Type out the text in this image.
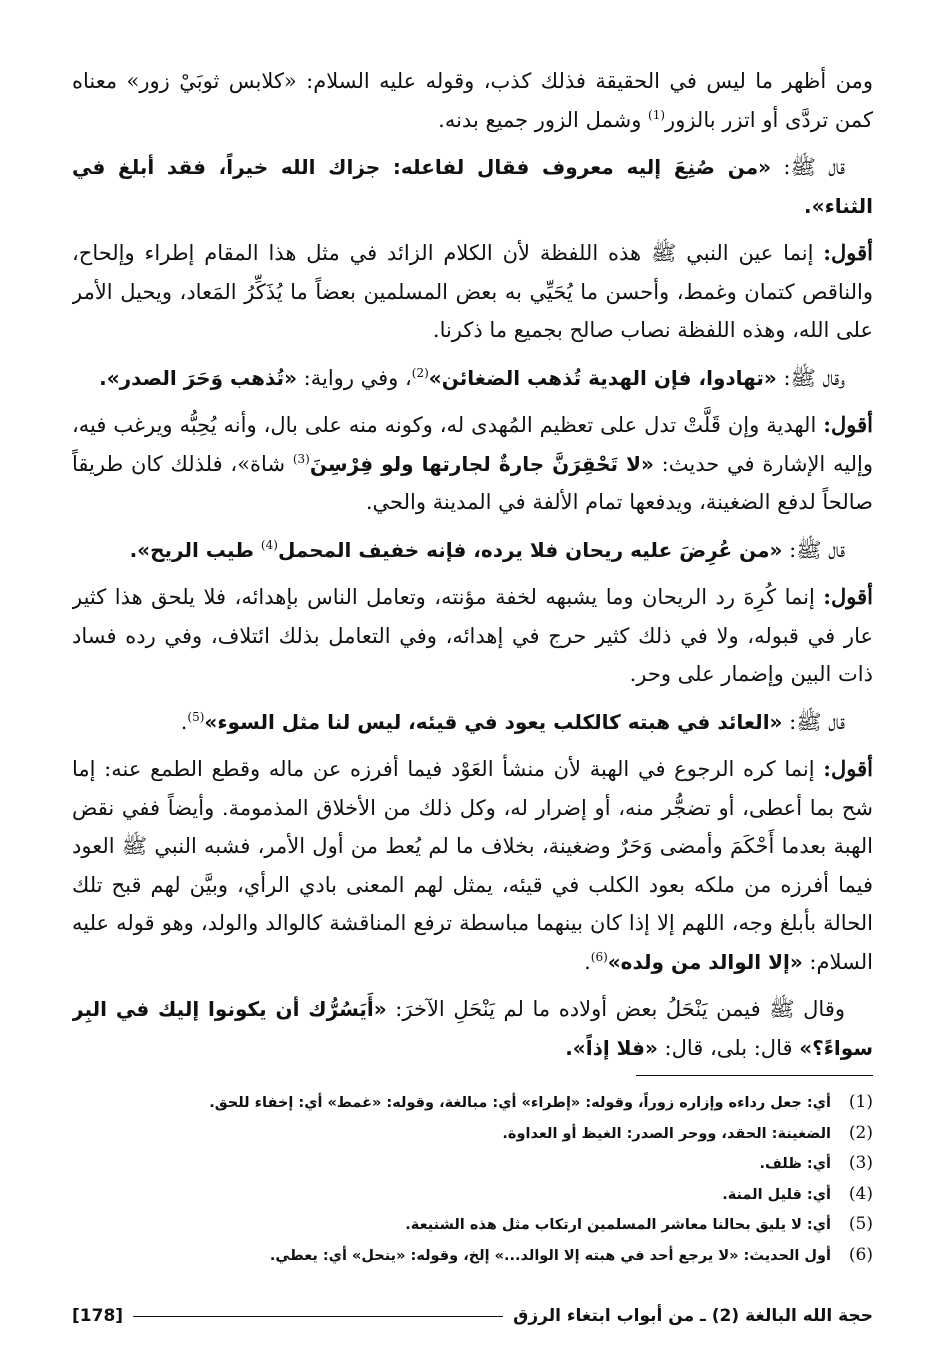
ومن أظهر ما ليس في الحقيقة فذلك كذب، وقوله عليه السلام: «كلابس ثوبَيْ زور» معناه كمن تردَّى أو اتزر بالزور$^{(1)}$ وشمل الزور جميع بدنه.

قال ﷺ: «من صُنِعَ إليه معروف فقال لفاعله: جزاك الله خيراً، فقد أبلغ في الثناء».

أقول: إنما عين النبي ﷺ هذه اللفظة لأن الكلام الزائد في مثل هذا المقام إطراء وإلحاح، والناقص كتمان وغمط، وأحسن ما يُحَيِّي به بعض المسلمين بعضاً ما يُذَكِّرُ المَعاد، ويحيل الأمر على الله، وهذه اللفظة نصاب صالح بجميع ما ذكرنا.

وقال ﷺ: «تهادوا، فإن الهدية تُذهب الضغائن»$^{(2)}$، وفي رواية: «تُذهب وَحَرَ الصدر».

أقول: الهدية وإن قَلَّتْ تدل على تعظيم المُهدى له، وكونه منه على بال، وأنه يُحِبُّه ويرغب فيه، وإليه الإشارة في حديث: «لا تَحْقِرَنَّ جارةٌ لجارتها ولو فِرْسِنَ$^{(3)}$ شاة»، فلذلك كان طريقاً صالحاً لدفع الضغينة، ويدفعها تمام الألفة في المدينة والحي.

قال ﷺ: «من عُرِضَ عليه ريحان فلا يرده، فإنه خفيف المحمل$^{(4)}$ طيب الريح».

أقول: إنما كُرِهَ رد الريحان وما يشبهه لخفة مؤنته، وتعامل الناس بإهدائه، فلا يلحق هذا كثير عار في قبوله، ولا في ذلك كثير حرج في إهدائه، وفي التعامل بذلك ائتلاف، وفي رده فساد ذات البين وإضمار على وحر.

قال ﷺ: «العائد في هبته كالكلب يعود في قيئه، ليس لنا مثل السوء»$^{(5)}$.

أقول: إنما كره الرجوع في الهبة لأن منشأ العَوْد فيما أفرزه عن ماله وقطع الطمع عنه: إما شح بما أعطى، أو تضجُّر منه، أو إضرار له، وكل ذلك من الأخلاق المذمومة. وأيضاً ففي نقض الهبة بعدما أَحْكَمَ وأمضى وَحَرٌ وضغينة، بخلاف ما لم يُعط من أول الأمر، فشبه النبي ﷺ العود فيما أفرزه من ملكه بعود الكلب في قيئه، يمثل لهم المعنى بادي الرأي، وبيَّن لهم قبح تلك الحالة بأبلغ وجه، اللهم إلا إذا كان بينهما مباسطة ترفع المناقشة كالوالد والولد، وهو قوله عليه السلام: «إلا الوالد من ولده»$^{(6)}$.

وقال ﷺ فيمن يَنْحَلُ بعض أولاده ما لم يَنْحَلِ الآخرَ: «أَيَسُرُّك أن يكونوا إليك في البِر سواءً؟» قال: بلى، قال: «فلا إذاً».

(1)أي: جعل رداءه وإزاره زوراً، وقوله: «إطراء» أي: مبالغة، وقوله: «غمط» أي: إخفاء للحق.
(2)الضغينة: الحقد، ووحر الصدر: الغيظ أو العداوة.
(3)أي: ظلف.
(4)أي: قليل المنة.
(5)أي: لا يليق بحالنا معاشر المسلمين ارتكاب مثل هذه الشنيعة.
(6)أول الحديث: «لا يرجع أحد في هبته إلا الوالد...» إلخ، وقوله: «ينحل» أي: يعطي.
حجة الله البالغة (2) ـ من أبواب ابتغاء الرزق
[178]
